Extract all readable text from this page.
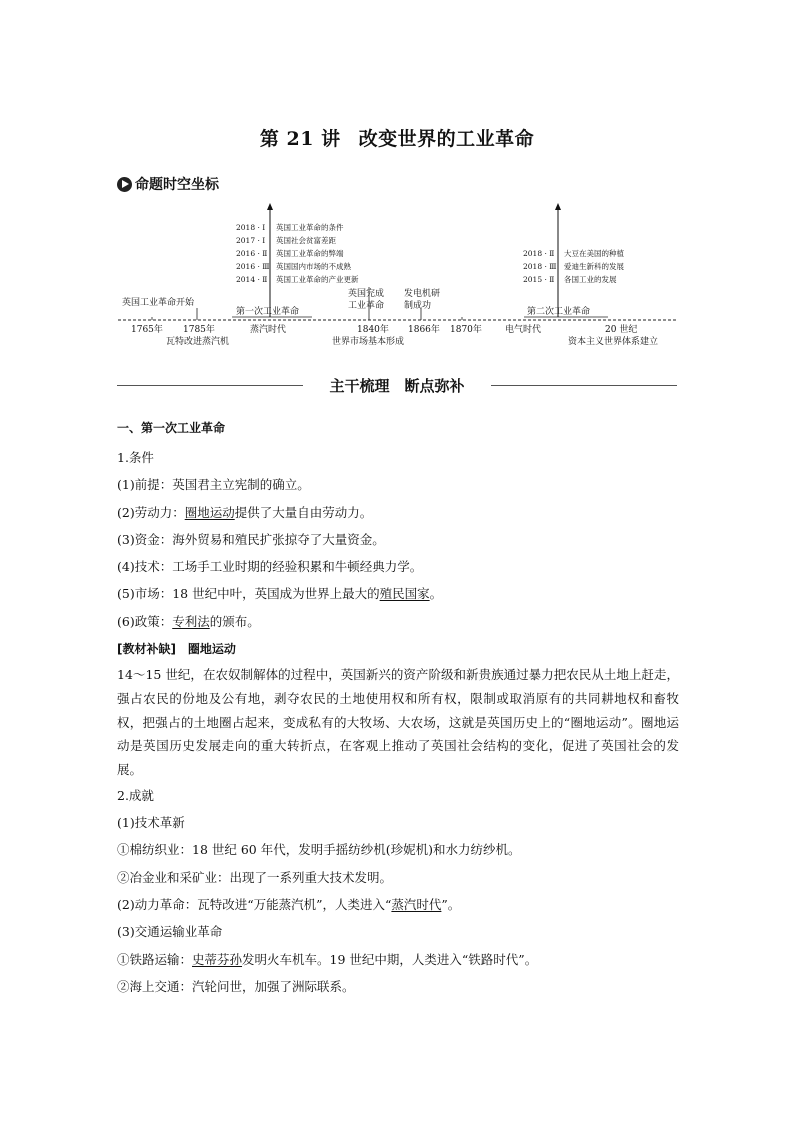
第 21 讲 改变世界的工业革命
命题时空坐标
英国工业革命开始
英国完成
工业革命
发电机研
制成功
第一次工业革命	第二次工业革命
1765年 1785年	蒸汽时代	1840年 1866年 1870年	电气时代	20 世纪
瓦特改进蒸汽机	世界市场基本形成	资本主义世界体系建立
2018 · Ⅰ 英国工业革命的条件
2017 · Ⅰ 英国社会贫富差距
2016 · Ⅱ 英国工业革命的弊端
2016 · Ⅲ 英国国内市场的不成熟
2014 · Ⅱ 英国工业革命的产业更新
2018 · Ⅱ 大豆在美国的种植
2018 · Ⅲ 爱迪生新科的发展
2015 · Ⅱ 各国工业的发展
主干梳理　断点弥补

一、第一次工业革命

1.条件

(1)前提：英国君主立宪制的确立。

(2)劳动力：圈地运动提供了大量自由劳动力。

(3)资金：海外贸易和殖民扩张掠夺了大量资金。

(4)技术：工场手工业时期的经验积累和牛顿经典力学。

(5)市场：18 世纪中叶，英国成为世界上最大的殖民国家。

(6)政策：专利法的颁布。

[教材补缺] 圈地运动

14～15 世纪，在农奴制解体的过程中，英国新兴的资产阶级和新贵族通过暴力把农民从土地上赶走，强占农民的份地及公有地，剥夺农民的土地使用权和所有权，限制或取消原有的共同耕地权和畜牧权，把强占的土地圈占起来，变成私有的大牧场、大农场，这就是英国历史上的“圈地运动”。圈地运动是英国历史发展走向的重大转折点，在客观上推动了英国社会结构的变化，促进了英国社会的发展。

2.成就

(1)技术革新

①棉纺织业：18 世纪 60 年代，发明手摇纺纱机(珍妮机)和水力纺纱机。

②冶金业和采矿业：出现了一系列重大技术发明。

(2)动力革命：瓦特改进“万能蒸汽机”，人类进入“蒸汽时代”。

(3)交通运输业革命

①铁路运输：史蒂芬孙发明火车机车。19 世纪中期，人类进入“铁路时代”。

②海上交通：汽轮问世，加强了洲际联系。
